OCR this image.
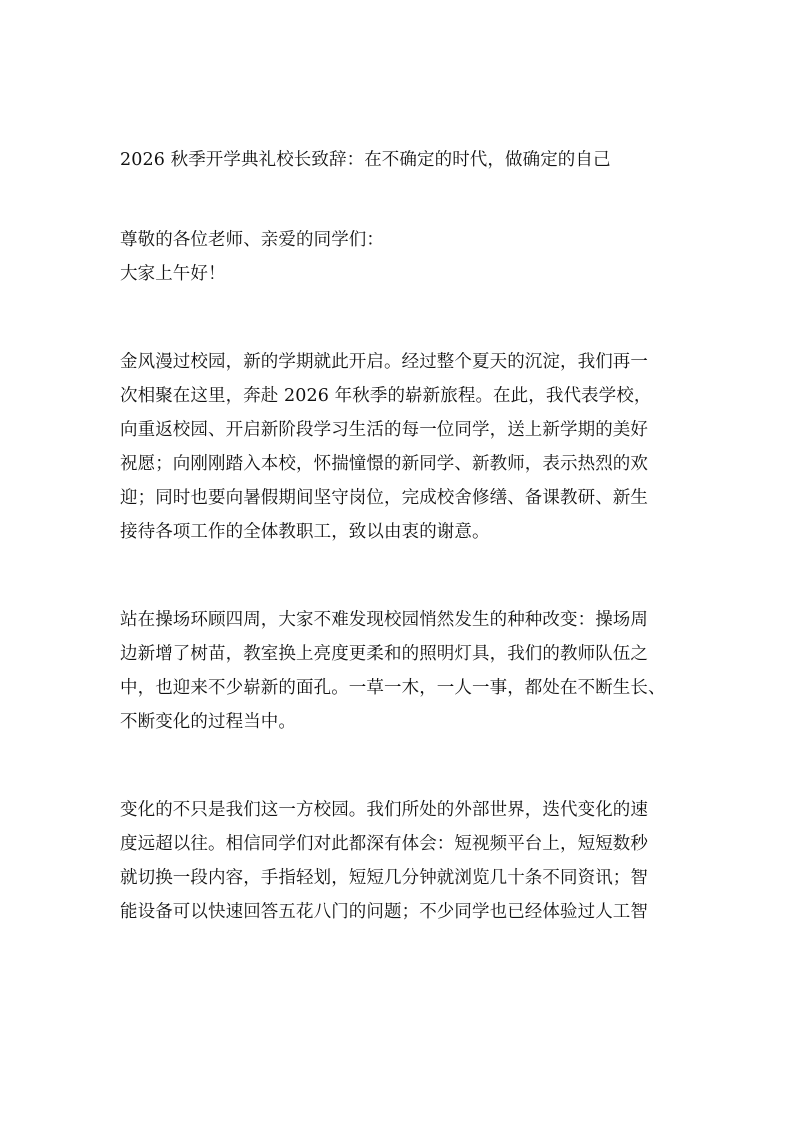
2026 秋季开学典礼校长致辞：在不确定的时代，做确定的自己
尊敬的各位老师、亲爱的同学们：
大家上午好！
金风漫过校园，新的学期就此开启。经过整个夏天的沉淀，我们再一
次相聚在这里，奔赴 2026 年秋季的崭新旅程。在此，我代表学校，
向重返校园、开启新阶段学习生活的每一位同学，送上新学期的美好
祝愿；向刚刚踏入本校，怀揣憧憬的新同学、新教师，表示热烈的欢
迎；同时也要向暑假期间坚守岗位，完成校舍修缮、备课教研、新生
接待各项工作的全体教职工，致以由衷的谢意。
站在操场环顾四周，大家不难发现校园悄然发生的种种改变：操场周
边新增了树苗，教室换上亮度更柔和的照明灯具，我们的教师队伍之
中，也迎来不少崭新的面孔。一草一木，一人一事，都处在不断生长、
不断变化的过程当中。
变化的不只是我们这一方校园。我们所处的外部世界，迭代变化的速
度远超以往。相信同学们对此都深有体会：短视频平台上，短短数秒
就切换一段内容，手指轻划，短短几分钟就浏览几十条不同资讯；智
能设备可以快速回答五花八门的问题；不少同学也已经体验过人工智
